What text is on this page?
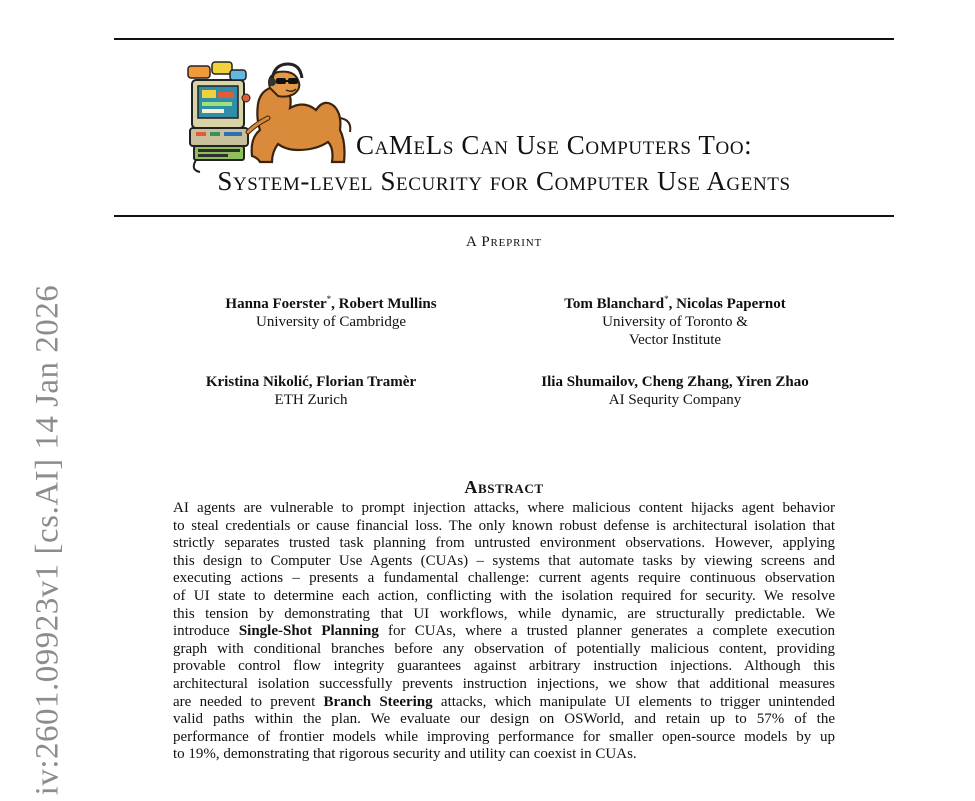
iv:2601.09923v1 [cs.AI] 14 Jan 2026
CaMeLs Can Use Computers Too:
System-level Security for Computer Use Agents
A Preprint
Hanna Foerster*, Robert Mullins
University of Cambridge
Tom Blanchard*, Nicolas Papernot
University of Toronto &
Vector Institute
Kristina Nikolić, Florian Tramèr
ETH Zurich
Ilia Shumailov, Cheng Zhang, Yiren Zhao
AI Sequrity Company
Abstract
AI agents are vulnerable to prompt injection attacks, where malicious content hijacks agent behavior
to steal credentials or cause financial loss. The only known robust defense is architectural isolation that
strictly separates trusted task planning from untrusted environment observations. However, applying
this design to Computer Use Agents (CUAs) – systems that automate tasks by viewing screens and
executing actions – presents a fundamental challenge: current agents require continuous observation
of UI state to determine each action, conflicting with the isolation required for security. We resolve
this tension by demonstrating that UI workflows, while dynamic, are structurally predictable. We
introduce Single-Shot Planning for CUAs, where a trusted planner generates a complete execution
graph with conditional branches before any observation of potentially malicious content, providing
provable control flow integrity guarantees against arbitrary instruction injections. Although this
architectural isolation successfully prevents instruction injections, we show that additional measures
are needed to prevent Branch Steering attacks, which manipulate UI elements to trigger unintended
valid paths within the plan. We evaluate our design on OSWorld, and retain up to 57% of the
performance of frontier models while improving performance for smaller open-source models by up
to 19%, demonstrating that rigorous security and utility can coexist in CUAs.
